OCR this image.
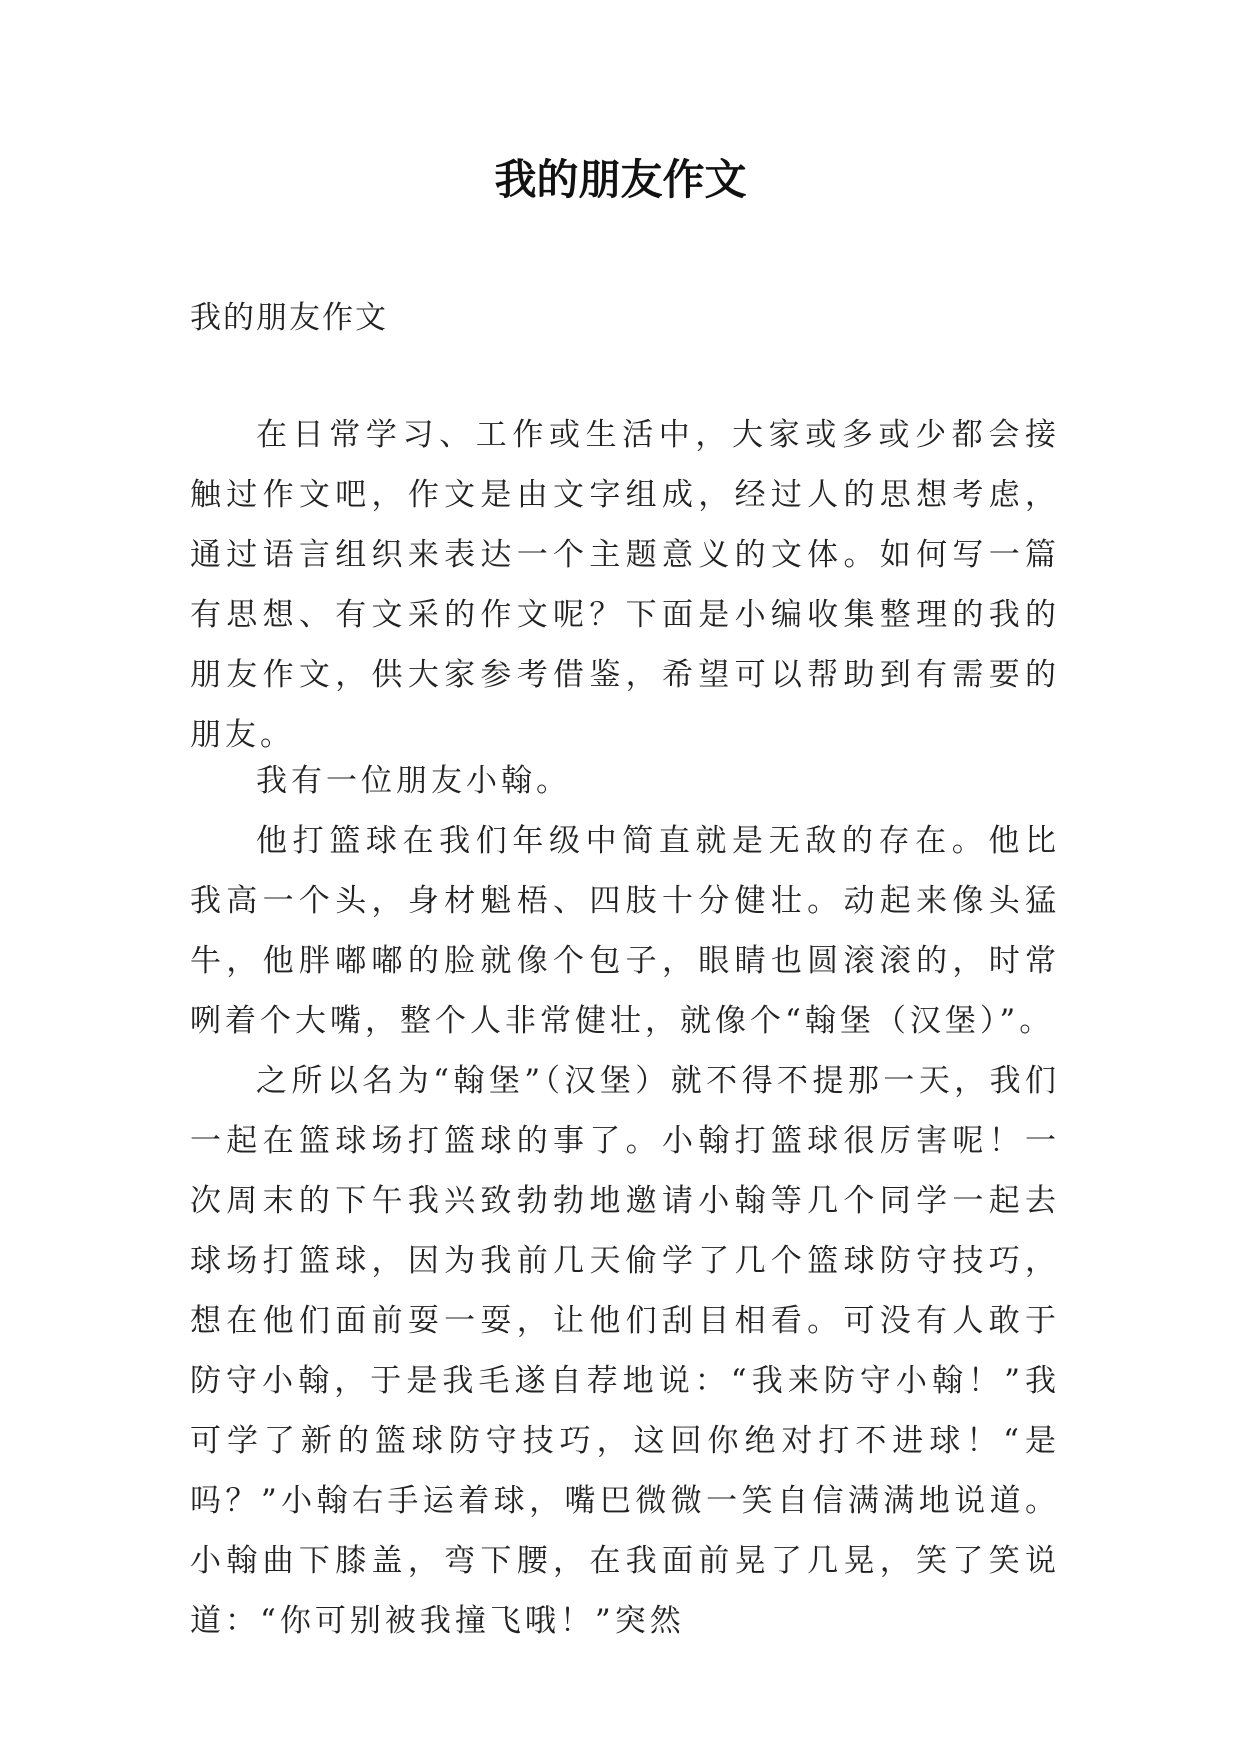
我的朋友作文

我的朋友作文

在日常学习、工作或生活中，大家或多或少都会接触过作文吧，作文是由文字组成，经过人的思想考虑，通过语言组织来表达一个主题意义的文体。如何写一篇有思想、有文采的作文呢？下面是小编收集整理的我的朋友作文，供大家参考借鉴，希望可以帮助到有需要的朋友。

我有一位朋友小翰。

他打篮球在我们年级中简直就是无敌的存在。他比我高一个头，身材魁梧、四肢十分健壮。动起来像头猛牛，他胖嘟嘟的脸就像个包子，眼睛也圆滚滚的，时常咧着个大嘴，整个人非常健壮，就像个“翰堡（汉堡）”。

之所以名为“翰堡”（汉堡）就不得不提那一天，我们一起在篮球场打篮球的事了。小翰打篮球很厉害呢！一次周末的下午我兴致勃勃地邀请小翰等几个同学一起去球场打篮球，因为我前几天偷学了几个篮球防守技巧，想在他们面前耍一耍，让他们刮目相看。可没有人敢于防守小翰，于是我毛遂自荐地说：“我来防守小翰！”我可学了新的篮球防守技巧，这回你绝对打不进球！“是吗？”小翰右手运着球，嘴巴微微一笑自信满满地说道。小翰曲下膝盖，弯下腰，在我面前晃了几晃，笑了笑说道：“你可别被我撞飞哦！”突然
